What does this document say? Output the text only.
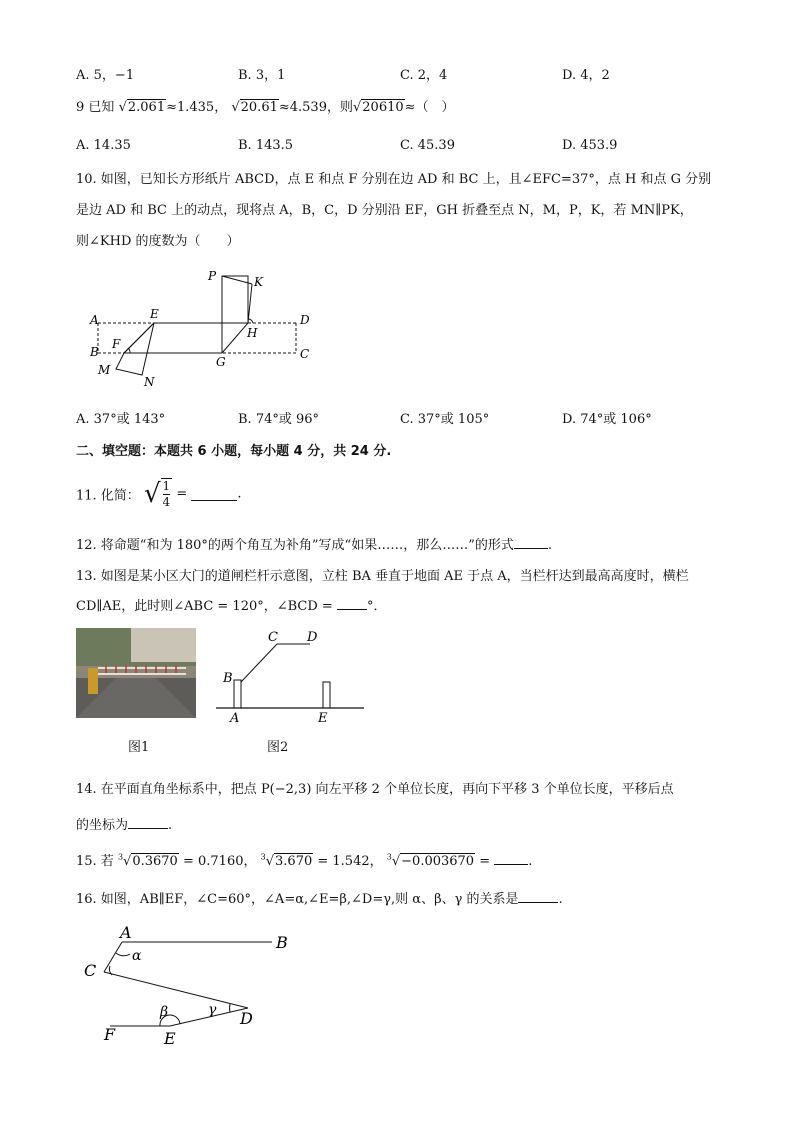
A. 5，−1	B. 3，1	C. 2，4	D. 4，2
9 已知 √2.061≈1.435， √20.61≈4.539，则√20610≈（　）
A. 14.35	B. 143.5	C. 45.39	D. 453.9
10. 如图，已知长方形纸片 ABCD，点 E 和点 F 分别在边 AD 和 BC 上，且∠EFC=37°，点 H 和点 G 分别
是边 AD 和 BC 上的动点，现将点 A，B，C，D 分别沿 EF，GH 折叠至点 N，M，P，K，若 MN∥PK，
则∠KHD 的度数为（　　）
A
B	C
D
E
F
G
H
M
N
P	K
A. 37°或 143°	B. 74°或 96°	C. 37°或 105°	D. 74°或 106°
二、填空题：本题共 6 小题，每小题 4 分，共 24 分.
11. 化简： √ $\frac{1}{4}$ =	.
12. 将命题“和为 180°的两个角互为补角”写成“如果……，那么……”的形式	.
13. 如图是某小区大门的道闸栏杆示意图，立柱 BA 垂直于地面 AE 于点 A，当栏杆达到最高高度时，横栏
CD∥AE，此时则∠ABC = 120°，∠BCD =	°．
图1
B
A
C D
E
图2
14. 在平面直角坐标系中，把点 P(−2,3) 向左平移 2 个单位长度，再向下平移 3 个单位长度，平移后点
的坐标为	.
15. 若 $^3$√0.3670 = 0.7160， $^3$√3.670 = 1.542， $^3$√−0.003670 =	.
16. 如图，AB∥EF，∠C=60°，∠A=α,∠E=β,∠D=γ,则 α、β、γ 的关系是	.
A
B
C
D
E
F
α
β	γ
